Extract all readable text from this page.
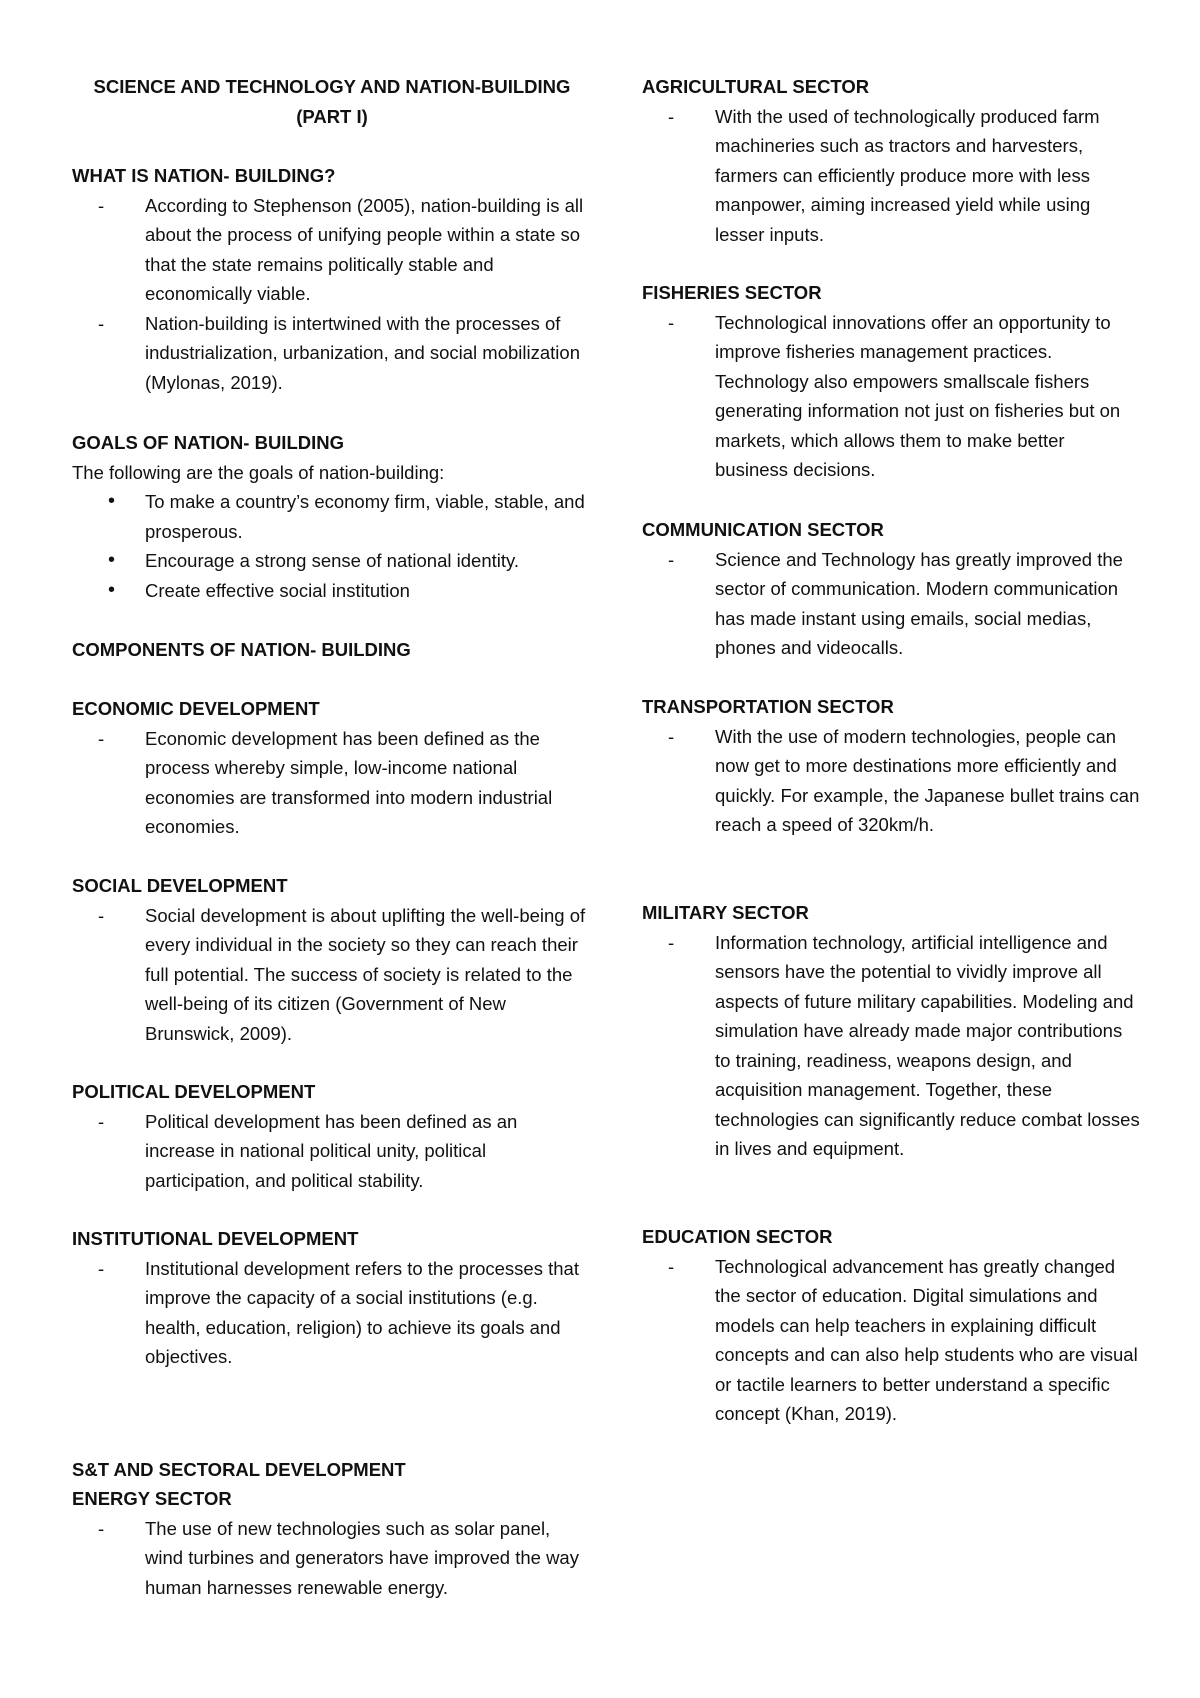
SCIENCE AND TECHNOLOGY AND NATION-BUILDING
(PART I)
WHAT IS NATION- BUILDING?
- According to Stephenson (2005), nation-building is all about the process of unifying people within a state so that the state remains politically stable and economically viable.
- Nation-building is intertwined with the processes of industrialization, urbanization, and social mobilization (Mylonas, 2019).
GOALS OF NATION- BUILDING

The following are the goals of nation-building:

• To make a country’s economy firm, viable, stable, and prosperous.
• Encourage a strong sense of national identity.
• Create effective social institution
COMPONENTS OF NATION- BUILDING
ECONOMIC DEVELOPMENT
- Economic development has been defined as the process whereby simple, low-income national economies are transformed into modern industrial economies.
SOCIAL DEVELOPMENT
- Social development is about uplifting the well-being of every individual in the society so they can reach their full potential. The success of society is related to the well-being of its citizen (Government of New Brunswick, 2009).
POLITICAL DEVELOPMENT
- Political development has been defined as an increase in national political unity, political participation, and political stability.
INSTITUTIONAL DEVELOPMENT
- Institutional development refers to the processes that improve the capacity of a social institutions (e.g. health, education, religion) to achieve its goals and objectives.
S&T AND SECTORAL DEVELOPMENT
ENERGY SECTOR
- The use of new technologies such as solar panel, wind turbines and generators have improved the way human harnesses renewable energy.
AGRICULTURAL SECTOR
- With the used of technologically produced farm machineries such as tractors and harvesters, farmers can efficiently produce more with less manpower, aiming increased yield while using lesser inputs.
FISHERIES SECTOR
- Technological innovations offer an opportunity to improve fisheries management practices. Technology also empowers smallscale fishers generating information not just on fisheries but on markets, which allows them to make better business decisions.
COMMUNICATION SECTOR
- Science and Technology has greatly improved the sector of communication. Modern communication has made instant using emails, social medias, phones and videocalls.
TRANSPORTATION SECTOR
- With the use of modern technologies, people can now get to more destinations more efficiently and quickly. For example, the Japanese bullet trains can reach a speed of 320km/h.
MILITARY SECTOR
- Information technology, artificial intelligence and sensors have the potential to vividly improve all aspects of future military capabilities. Modeling and simulation have already made major contributions to training, readiness, weapons design, and acquisition management. Together, these technologies can significantly reduce combat losses in lives and equipment.
EDUCATION SECTOR
- Technological advancement has greatly changed the sector of education. Digital simulations and models can help teachers in explaining difficult concepts and can also help students who are visual or tactile learners to better understand a specific concept (Khan, 2019).
